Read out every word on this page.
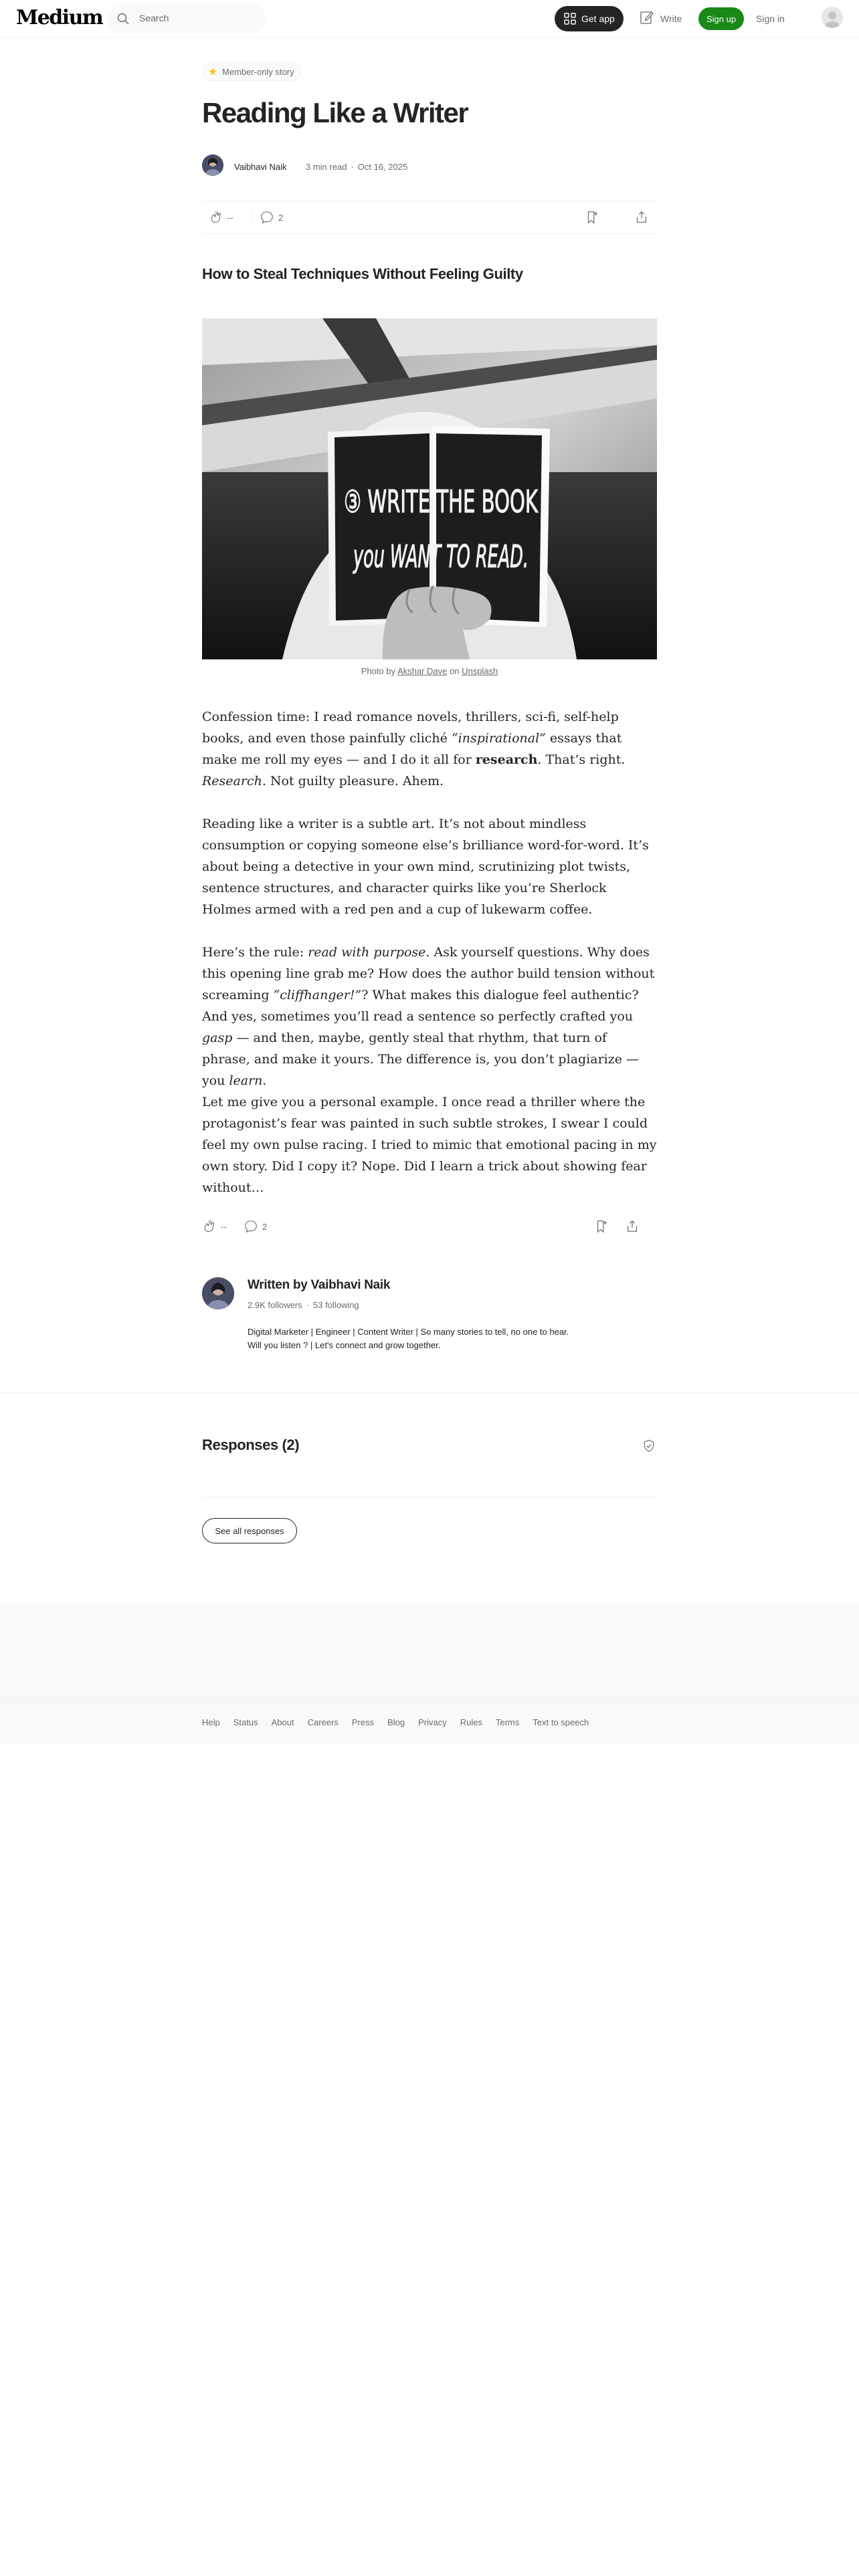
Medium	Search	Get app	Write	Sign up	Sign in
Member-only story
Reading Like a Writer
Vaibhavi Naik 3 min read · Oct 16, 2025
--	2
How to Steal Techniques Without Feeling Guilty
③ WRITE THE BOOK
you WANT TO READ.
Photo by Akshar Dave on Unsplash

Confession time: I read romance novels, thrillers, sci-fi, self-help books, and even those painfully cliché “inspirational” essays that make me roll my eyes — and I do it all for research. That’s right. Research. Not guilty pleasure. Ahem.

Reading like a writer is a subtle art. It’s not about mindless consumption or copying someone else’s brilliance word-for-word. It’s about being a detective in your own mind, scrutinizing plot twists, sentence structures, and character quirks like you’re Sherlock Holmes armed with a red pen and a cup of lukewarm coffee.

Here’s the rule: read with purpose. Ask yourself questions. Why does this opening line grab me? How does the author build tension without screaming “cliffhanger!”? What makes this dialogue feel authentic? And yes, sometimes you’ll read a sentence so perfectly crafted you gasp — and then, maybe, gently steal that rhythm, that turn of phrase, and make it yours. The difference is, you don’t plagiarize — you learn.

Let me give you a personal example. I once read a thriller where the protagonist’s fear was painted in such subtle strokes, I swear I could feel my own pulse racing. I tried to mimic that emotional pacing in my own story. Did I copy it? Nope. Did I learn a trick about showing fear without…

--	2
Written by Vaibhavi Naik
2.9K followers · 53 following
Digital Marketer | Engineer | Content Writer | So many stories to tell, no one to hear. Will you listen ? | Let's connect and grow together.
Responses (2)
See all responses
Help Status About Careers Press Blog Privacy Rules Terms Text to speech
